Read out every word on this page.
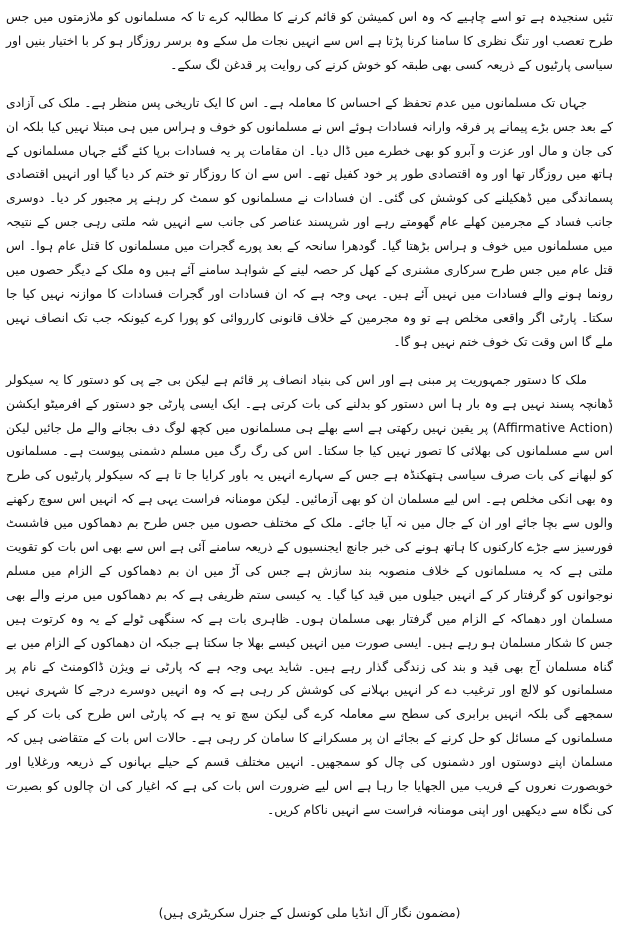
تئیں سنجیدہ ہے تو اسے چاہیے کہ وہ اس کمیشن کو قائم کرنے کا مطالبہ کرے تا کہ مسلمانوں کو ملازمتوں میں جس طرح تعصب اور تنگ نظری کا سامنا کرنا پڑتا ہے اس سے انہیں نجات مل سکے وہ برسر روزگار ہو کر با اختیار بنیں اور سیاسی پارٹیوں کے ذریعہ کسی بھی طبقہ کو خوش کرنے کی روایت پر قدغن لگ سکے۔

جہاں تک مسلمانوں میں عدم تحفظ کے احساس کا معاملہ ہے۔ اس کا ایک تاریخی پس منظر ہے۔ ملک کی آزادی کے بعد جس بڑے پیمانے پر فرقہ وارانہ فسادات ہوئے اس نے مسلمانوں کو خوف و ہراس میں ہی مبتلا نہیں کیا بلکہ ان کی جان و مال اور عزت و آبرو کو بھی خطرے میں ڈال دیا۔ ان مقامات پر یہ فسادات برپا کئے گئے جہاں مسلمانوں کے ہاتھ میں روزگار تھا اور وہ اقتصادی طور پر خود کفیل تھے۔ اس سے ان کا روزگار تو ختم کر دیا گیا اور انہیں اقتصادی پسماندگی میں ڈھکیلنے کی کوشش کی گئی۔ ان فسادات نے مسلمانوں کو سمٹ کر رہنے پر مجبور کر دیا۔ دوسری جانب فساد کے مجرمین کھلے عام گھومتے رہے اور شرپسند عناصر کی جانب سے انہیں شہ ملتی رہی جس کے نتیجہ میں مسلمانوں میں خوف و ہراس بڑھتا گیا۔ گودھرا سانحہ کے بعد پورے گجرات میں مسلمانوں کا قتل عام ہوا۔ اس قتل عام میں جس طرح سرکاری مشنری کے کھل کر حصہ لینے کے شواہد سامنے آئے ہیں وہ ملک کے دیگر حصوں میں رونما ہونے والے فسادات میں نہیں آئے ہیں۔ یہی وجہ ہے کہ ان فسادات اور گجرات فسادات کا موازنہ نہیں کیا جا سکتا۔ پارٹی اگر واقعی مخلص ہے تو وہ مجرمین کے خلاف قانونی کارروائی کو پورا کرے کیونکہ جب تک انصاف نہیں ملے گا اس وقت تک خوف ختم نہیں ہو گا۔

ملک کا دستور جمہوریت پر مبنی ہے اور اس کی بنیاد انصاف پر قائم ہے لیکن بی جے پی کو دستور کا یہ سیکولر ڈھانچہ پسند نہیں ہے وہ بار ہا اس دستور کو بدلنے کی بات کرتی ہے۔ ایک ایسی پارٹی جو دستور کے افرمیٹو ایکشن (Affirmative Action) پر یقین نہیں رکھتی ہے اسے بھلے ہی مسلمانوں میں کچھ لوگ دف بجانے والے مل جائیں لیکن اس سے مسلمانوں کی بھلائی کا تصور نہیں کیا جا سکتا۔ اس کی رگ رگ میں مسلم دشمنی پیوست ہے۔ مسلمانوں کو لبھانے کی بات صرف سیاسی ہتھکنڈہ ہے جس کے سہارے انہیں یہ باور کرایا جا تا ہے کہ سیکولر پارٹیوں کی طرح وہ بھی انکی مخلص ہے۔ اس لیے مسلمان ان کو بھی آزمائیں۔ لیکن مومنانہ فراست یہی ہے کہ انہیں اس سوچ رکھنے والوں سے بچا جائے اور ان کے جال میں نہ آیا جائے۔ ملک کے مختلف حصوں میں جس طرح بم دھماکوں میں فاشسٹ فورسیز سے جڑے کارکنوں کا ہاتھ ہونے کی خبر جانچ ایجنسیوں کے ذریعہ سامنے آئی ہے اس سے بھی اس بات کو تقویت ملتی ہے کہ یہ مسلمانوں کے خلاف منصوبہ بند سازش ہے جس کی آڑ میں ان بم دھماکوں کے الزام میں مسلم نوجوانوں کو گرفتار کر کے انہیں جیلوں میں قید کیا گیا۔ یہ کیسی ستم ظریفی ہے کہ بم دھماکوں میں مرنے والے بھی مسلمان اور دھماکہ کے الزام میں گرفتار بھی مسلمان ہوں۔ ظاہری بات ہے کہ سنگھی ٹولے کے یہ وہ کرتوت ہیں جس کا شکار مسلمان ہو رہے ہیں۔ ایسی صورت میں انہیں کیسے بھلا جا سکتا ہے جبکہ ان دھماکوں کے الزام میں بے گناہ مسلمان آج بھی قید و بند کی زندگی گذار رہے ہیں۔ شاید یہی وجہ ہے کہ پارٹی نے ویژن ڈاکومنٹ کے نام پر مسلمانوں کو لالچ اور ترغیب دے کر انہیں بہلانے کی کوشش کر رہی ہے کہ وہ انہیں دوسرے درجے کا شہری نہیں سمجھے گی بلکہ انہیں برابری کی سطح سے معاملہ کرے گی لیکن سچ تو یہ ہے کہ پارٹی اس طرح کی بات کر کے مسلمانوں کے مسائل کو حل کرنے کے بجائے ان پر مسکرانے کا سامان کر رہی ہے۔ حالات اس بات کے متقاضی ہیں کہ مسلمان اپنے دوستوں اور دشمنوں کی چال کو سمجھیں۔ انہیں مختلف قسم کے حیلے بہانوں کے ذریعہ ورغلایا اور خوبصورت نعروں کے فریب میں الجھایا جا رہا ہے اس لیے ضرورت اس بات کی ہے کہ اغیار کی ان چالوں کو بصیرت کی نگاہ سے دیکھیں اور اپنی مومنانہ فراست سے انہیں ناکام کریں۔

(مضمون نگار آل انڈیا ملی کونسل کے جنرل سکریٹری ہیں)
